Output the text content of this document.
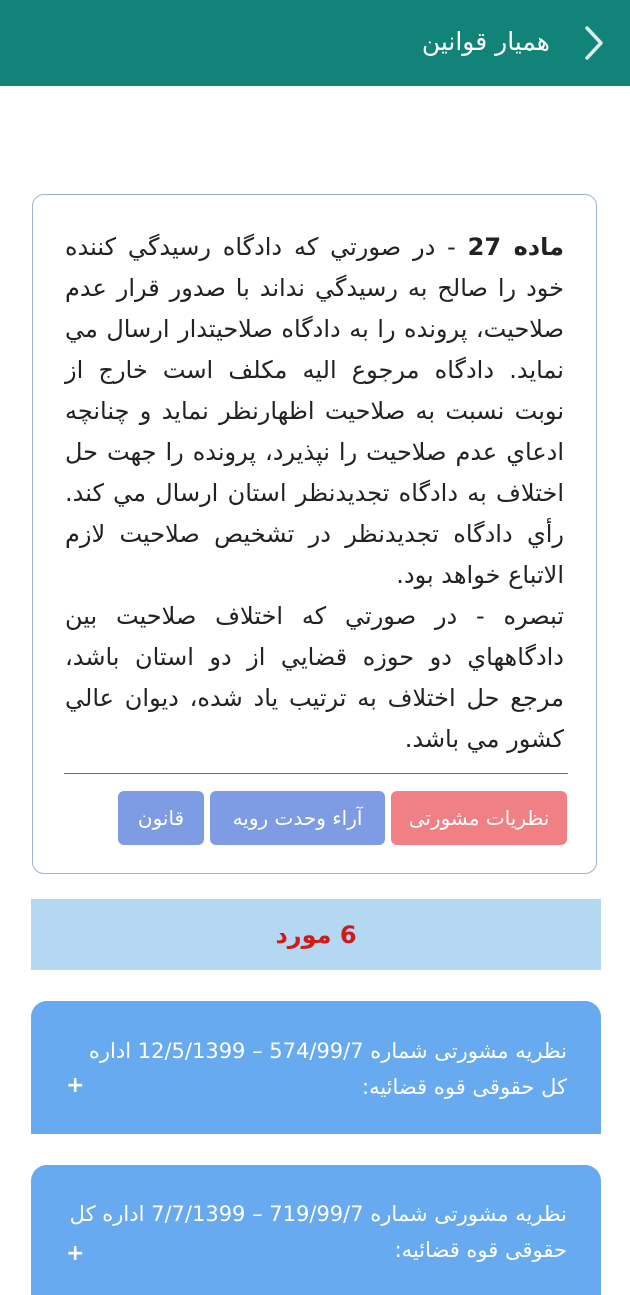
همیار قوانین

ماده 27 - در صورتي كه دادگاه رسيدگي كننده خود را صالح به رسيدگي نداند با صدور قرار عدم صلاحيت، پرونده را به دادگاه صلاحيتدار ارسال مي نمايد. دادگاه مرجوع اليه مكلف است خارج از نوبت نسبت به صلاحيت اظهارنظر نمايد و چنانچه ادعاي عدم صلاحيت را نپذيرد، پرونده را جهت حل اختلاف به دادگاه تجديدنظر استان ارسال مي كند. رأي دادگاه تجديدنظر در تشخيص صلاحيت لازم الاتباع خواهد بود.
تبصره - در صورتي كه اختلاف صلاحيت بين دادگاههاي دو حوزه قضايي از دو استان باشد، مرجع حل اختلاف به ترتيب ياد شده، ديوان عالي كشور مي باشد.

نظریات مشورتی
آراء وحدت رویه
قانون
6 مورد

نظریه مشورتی شماره 574/99/7 – 12/5/1399 اداره کل حقوقی قوه قضائیه:

+

نظریه مشورتی شماره 719/99/7 – 7/7/1399 اداره کل حقوقی قوه قضائیه:

+
